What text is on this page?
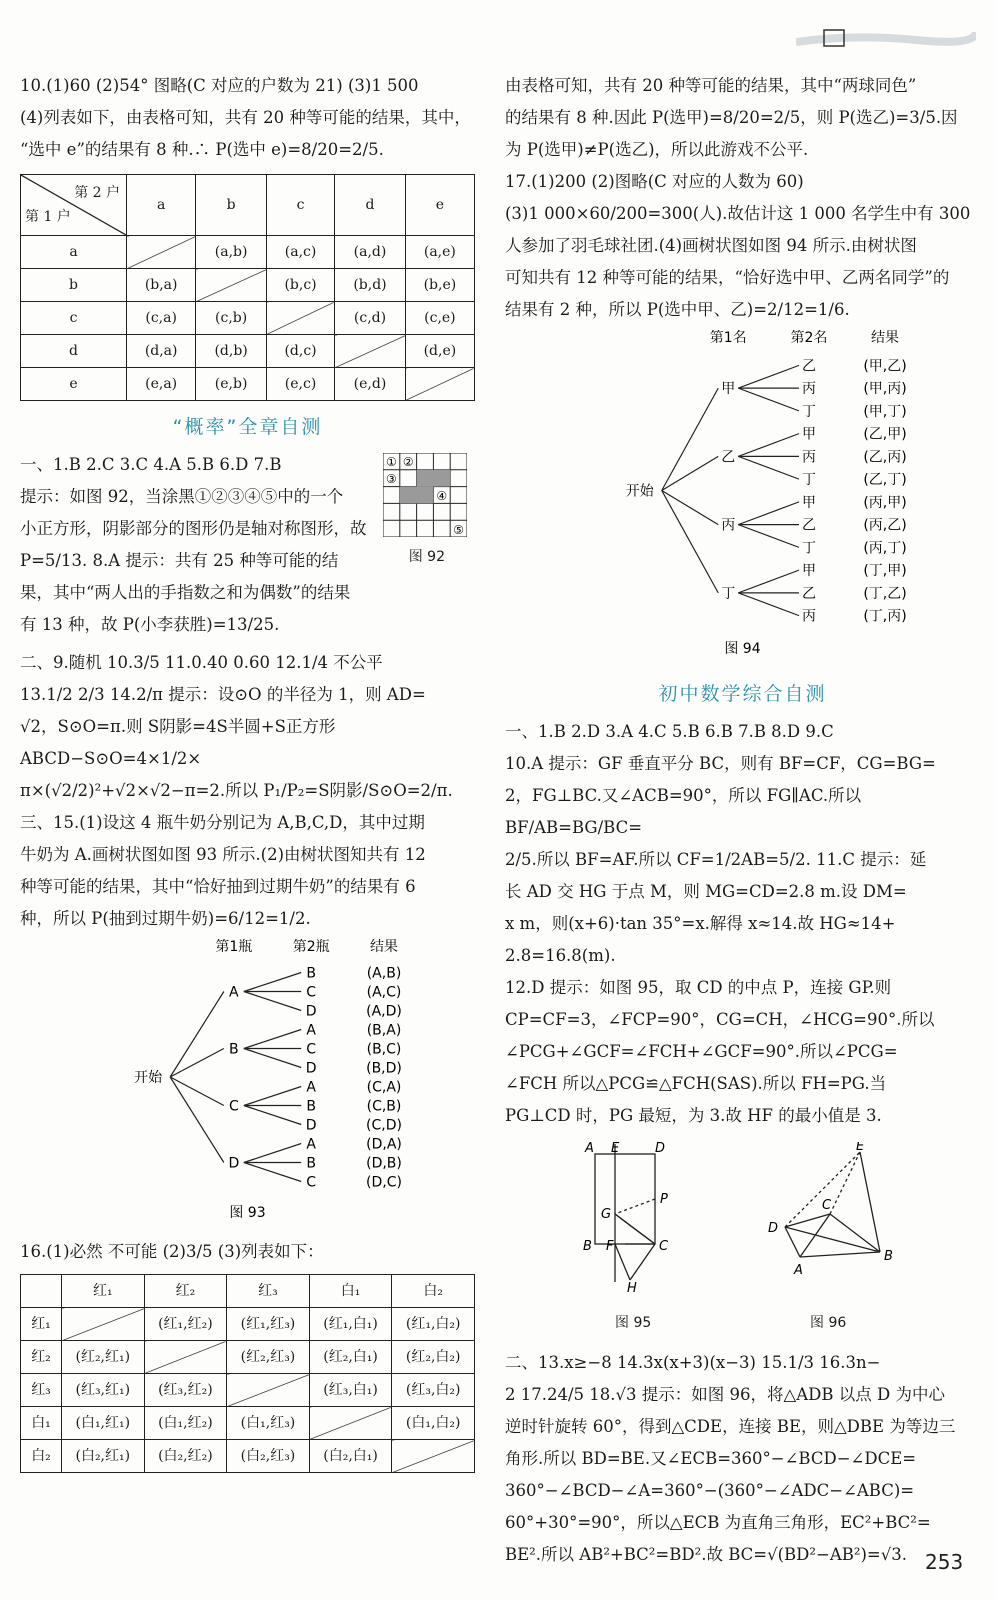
10.(1)60 (2)54° 图略(C 对应的户数为 21) (3)1 500

(4)列表如下，由表格可知，共有 20 种等可能的结果，其中，

“选中 e”的结果有 8 种.∴ P(选中 e)=8/20=2/5.

第 2 户
第 1 户	a	b	c	d	e
a		(a,b)	(a,c)	(a,d)	(a,e)
b	(b,a)		(b,c)	(b,d)	(b,e)
c	(c,a)	(c,b)		(c,d)	(c,e)
d	(d,a)	(d,b)	(d,c)		(d,e)
e	(e,a)	(e,b)	(e,c)	(e,d)	
“概率”全章自测
① ②
③
④
⑤
图 92

一、1.B 2.C 3.C 4.A 5.B 6.D 7.B

提示：如图 92，当涂黑①②③④⑤中的一个

小正方形，阴影部分的图形仍是轴对称图形，故

P=5/13. 8.A 提示：共有 25 种等可能的结

果，其中“两人出的手指数之和为偶数”的结果

有 13 种，故 P(小李获胜)=13/25.

二、9.随机 10.3/5 11.0.40 0.60 12.1/4 不公平

13.1/2 2/3 14.2/π 提示：设⊙O 的半径为 1，则 AD=

√2，S⊙O=π.则 S阴影=4S半圆+S正方形ABCD−S⊙O=4×1/2×

π×(√2/2)²+√2×√2−π=2.所以 P₁/P₂=S阴影/S⊙O=2/π.

三、15.(1)设这 4 瓶牛奶分别记为 A,B,C,D，其中过期

牛奶为 A.画树状图如图 93 所示.(2)由树状图知共有 12

种等可能的结果，其中“恰好抽到过期牛奶”的结果有 6

种，所以 P(抽到过期牛奶)=6/12=1/2.

第1瓶	第2瓶	结果
开始
A
B	(A,B)
C	(A,C)
D	(A,D)
B
A	(B,A)
C	(B,C)
D	(B,D)
C
A	(C,A)
B	(C,B)
D	(C,D)
D
A	(D,A)
B	(D,B)
C	(D,C)
图 93

16.(1)必然 不可能 (2)3/5 (3)列表如下：

	红₁	红₂	红₃	白₁	白₂
红₁		(红₁,红₂)	(红₁,红₃)	(红₁,白₁)	(红₁,白₂)
红₂	(红₂,红₁)		(红₂,红₃)	(红₂,白₁)	(红₂,白₂)
红₃	(红₃,红₁)	(红₃,红₂)		(红₃,白₁)	(红₃,白₂)
白₁	(白₁,红₁)	(白₁,红₂)	(白₁,红₃)		(白₁,白₂)
白₂	(白₂,红₁)	(白₂,红₂)	(白₂,红₃)	(白₂,白₁)	

由表格可知，共有 20 种等可能的结果，其中“两球同色”

的结果有 8 种.因此 P(选甲)=8/20=2/5，则 P(选乙)=3/5.因

为 P(选甲)≠P(选乙)，所以此游戏不公平.

17.(1)200 (2)图略(C 对应的人数为 60)

(3)1 000×60/200=300(人).故估计这 1 000 名学生中有 300

人参加了羽毛球社团.(4)画树状图如图 94 所示.由树状图

可知共有 12 种等可能的结果，“恰好选中甲、乙两名同学”的

结果有 2 种，所以 P(选中甲、乙)=2/12=1/6.

第1名	第2名	结果
开始
甲
乙	(甲,乙)
丙	(甲,丙)
丁	(甲,丁)
乙
甲	(乙,甲)
丙	(乙,丙)
丁	(乙,丁)
丙
甲	(丙,甲)
乙	(丙,乙)
丁	(丙,丁)
丁
甲	(丁,甲)
乙	(丁,乙)
丙	(丁,丙)
图 94
初中数学综合自测

一、1.B 2.D 3.A 4.C 5.B 6.B 7.B 8.D 9.C

10.A 提示：GF 垂直平分 BC，则有 BF=CF，CG=BG=

2，FG⊥BC.又∠ACB=90°，所以 FG∥AC.所以 BF/AB=BG/BC=

2/5.所以 BF=AF.所以 CF=1/2AB=5/2. 11.C 提示：延

长 AD 交 HG 于点 M，则 MG=CD=2.8 m.设 DM=

x m，则(x+6)·tan 35°=x.解得 x≈14.故 HG≈14+

2.8=16.8(m).

12.D 提示：如图 95，取 CD 的中点 P，连接 GP.则

CP=CF=3，∠FCP=90°，CG=CH，∠HCG=90°.所以

∠PCG+∠GCF=∠FCH+∠GCF=90°.所以∠PCG=

∠FCH 所以△PCG≌△FCH(SAS).所以 FH=PG.当

PG⊥CD 时，PG 最短，为 3.故 HF 的最小值是 3.

A E	D
P
G
B F	C
H
E
C
D
A
B
图 95	图 96

二、13.x≥−8 14.3x(x+3)(x−3) 15.1/3 16.3n−

2 17.24/5 18.√3 提示：如图 96，将△ADB 以点 D 为中心

逆时针旋转 60°，得到△CDE，连接 BE，则△DBE 为等边三

角形.所以 BD=BE.又∠ECB=360°−∠BCD−∠DCE=

360°−∠BCD−∠A=360°−(360°−∠ADC−∠ABC)=

60°+30°=90°，所以△ECB 为直角三角形，EC²+BC²=

BE².所以 AB²+BC²=BD².故 BC=√(BD²−AB²)=√3. 253
